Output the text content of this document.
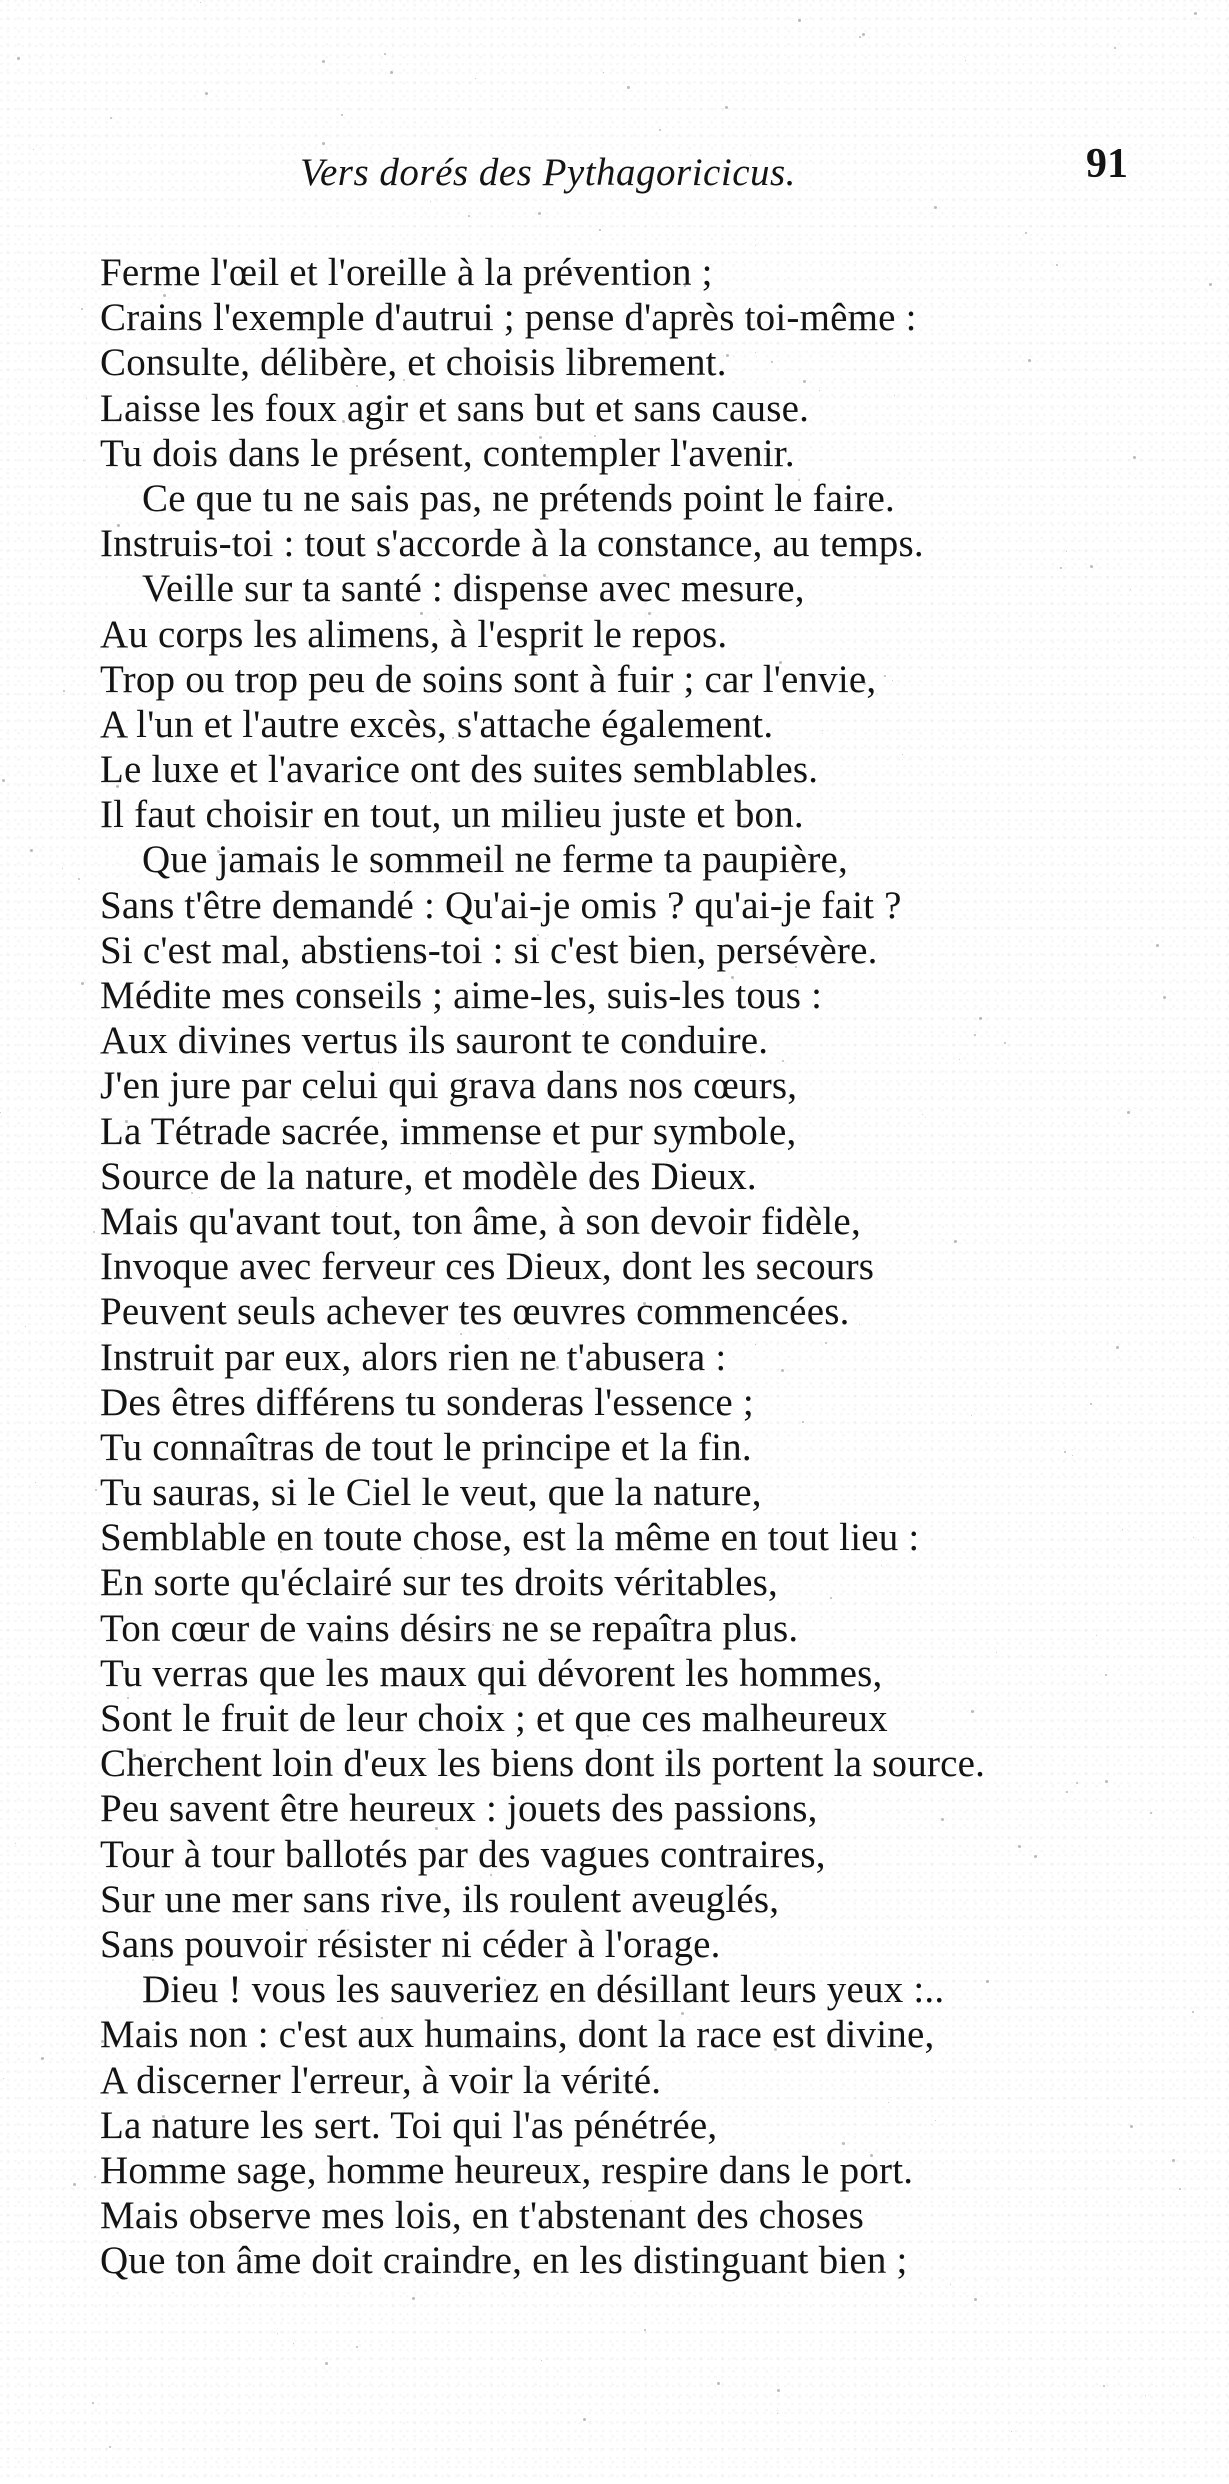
Vers dorés des Pythagoricicus.	91
Ferme l'œil et l'oreille à la prévention ;
Crains l'exemple d'autrui ; pense d'après toi-même :
Consulte, délibère, et choisis librement.
Laisse les foux agir et sans but et sans cause.
Tu dois dans le présent, contempler l'avenir.
Ce que tu ne sais pas, ne prétends point le faire.
Instruis-toi : tout s'accorde à la constance, au temps.
Veille sur ta santé : dispense avec mesure,
Au corps les alimens, à l'esprit le repos.
Trop ou trop peu de soins sont à fuir ; car l'envie,
A l'un et l'autre excès, s'attache également.
Le luxe et l'avarice ont des suites semblables.
Il faut choisir en tout, un milieu juste et bon.
Que jamais le sommeil ne ferme ta paupière,
Sans t'être demandé : Qu'ai-je omis ? qu'ai-je fait ?
Si c'est mal, abstiens-toi : si c'est bien, persévère.
Médite mes conseils ; aime-les, suis-les tous :
Aux divines vertus ils sauront te conduire.
J'en jure par celui qui grava dans nos cœurs,
La Tétrade sacrée, immense et pur symbole,
Source de la nature, et modèle des Dieux.
Mais qu'avant tout, ton âme, à son devoir fidèle,
Invoque avec ferveur ces Dieux, dont les secours
Peuvent seuls achever tes œuvres commencées.
Instruit par eux, alors rien ne t'abusera :
Des êtres différens tu sonderas l'essence ;
Tu connaîtras de tout le principe et la fin.
Tu sauras, si le Ciel le veut, que la nature,
Semblable en toute chose, est la même en tout lieu :
En sorte qu'éclairé sur tes droits véritables,
Ton cœur de vains désirs ne se repaîtra plus.
Tu verras que les maux qui dévorent les hommes,
Sont le fruit de leur choix ; et que ces malheureux
Cherchent loin d'eux les biens dont ils portent la source.
Peu savent être heureux : jouets des passions,
Tour à tour ballotés par des vagues contraires,
Sur une mer sans rive, ils roulent aveuglés,
Sans pouvoir résister ni céder à l'orage.
Dieu ! vous les sauveriez en désillant leurs yeux :..
Mais non : c'est aux humains, dont la race est divine,
A discerner l'erreur, à voir la vérité.
La nature les sert. Toi qui l'as pénétrée,
Homme sage, homme heureux, respire dans le port.
Mais observe mes lois, en t'abstenant des choses
Que ton âme doit craindre, en les distinguant bien ;
